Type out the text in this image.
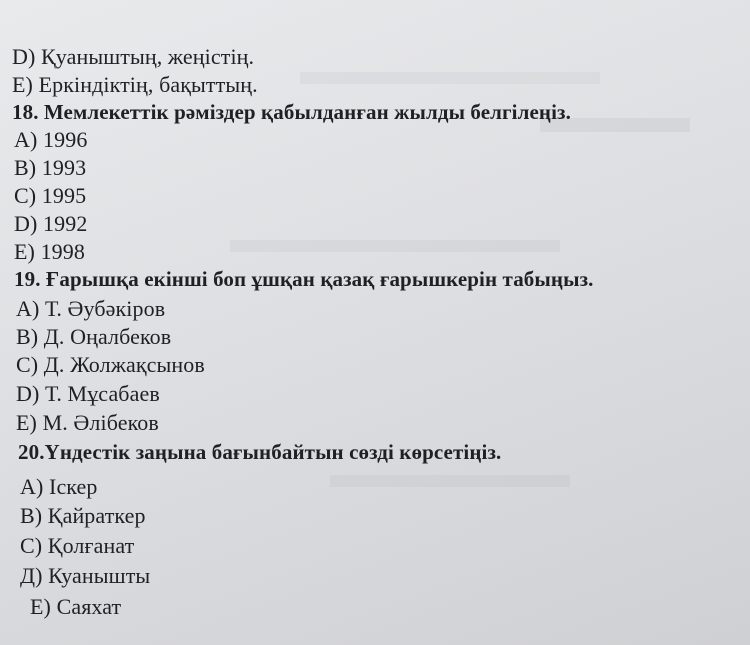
D) Қуаныштың, жеңістің.
E) Еркіндіктің, бақыттың.
18. Мемлекеттік рәміздер қабылданған жылды белгілеңіз.
A) 1996
B) 1993
C) 1995
D) 1992
E) 1998
19. Ғарышқа екінші боп ұшқан қазақ ғарышкерін табыңыз.
A) Т. Әубәкіров
B) Д. Оңалбеков
C) Д. Жолжақсынов
D) Т. Мұсабаев
E) М. Әлібеков
20.Үндестік заңына бағынбайтын сөзді көрсетіңіз.
A) Іскер
B) Қайраткер
C) Қолғанат
Д) Куанышты
E) Саяхат
